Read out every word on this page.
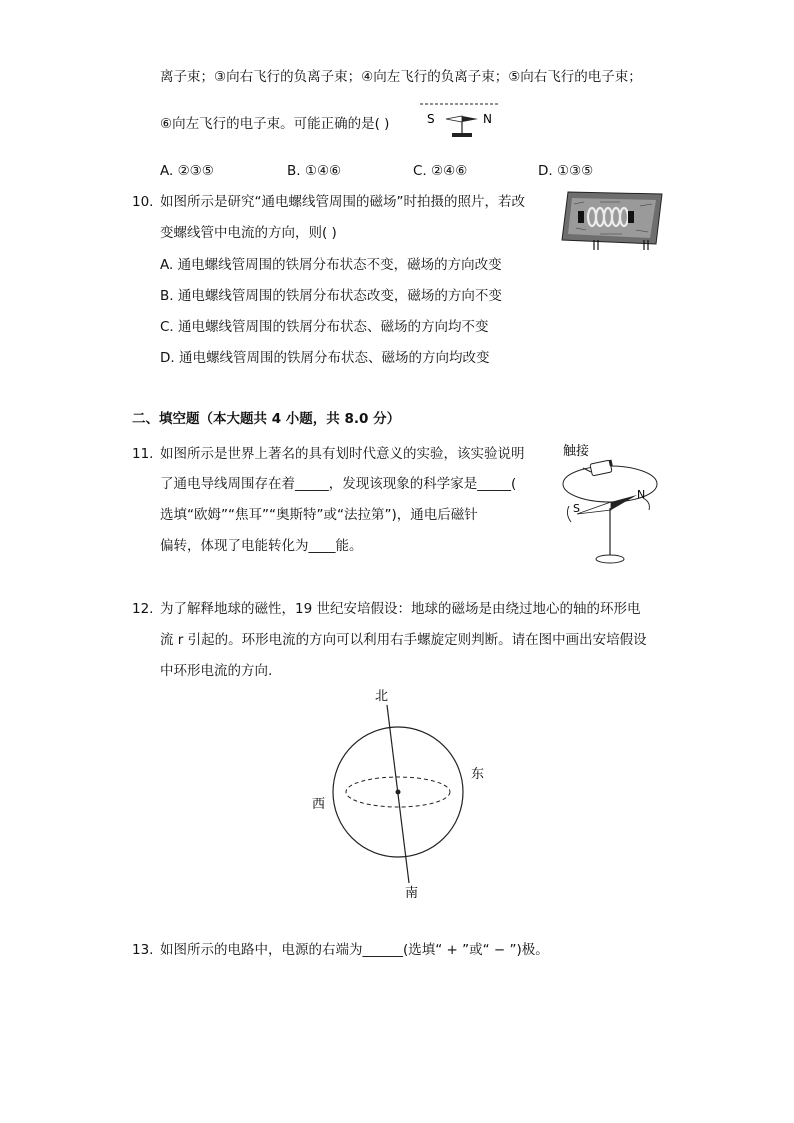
离子束；③向右飞行的负离子束；④向左飞行的负离子束；⑤向右飞行的电子束；
⑥向左飞行的电子束。可能正确的是( )	S	N
A. ②③⑤	B. ①④⑥	C. ②④⑥	D. ①③⑤
10. 如图所示是研究“通电螺线管周围的磁场”时拍摄的照片，若改
变螺线管中电流的方向，则( )
A. 通电螺线管周围的铁屑分布状态不变，磁场的方向改变
B. 通电螺线管周围的铁屑分布状态改变，磁场的方向不变
C. 通电螺线管周围的铁屑分布状态、磁场的方向均不变
D. 通电螺线管周围的铁屑分布状态、磁场的方向均改变
二、填空题（本大题共 4 小题，共 8.0 分）
11. 如图所示是世界上著名的具有划时代意义的实验，该实验说明
了通电导线周围存在着_____，发现该现象的科学家是_____(
选填“欧姆”“焦耳”“奥斯特”或“法拉第”)，通电后磁针
偏转，体现了电能转化为____能。
触接
S
N
12. 为了解释地球的磁性，19 世纪安培假设：地球的磁场是由绕过地心的轴的环形电
流 r 引起的。环形电流的方向可以利用右手螺旋定则判断。请在图中画出安培假设
中环形电流的方向.
北
南
东
西
13. 如图所示的电路中，电源的右端为______(选填“ + ”或“ − ”)极。
